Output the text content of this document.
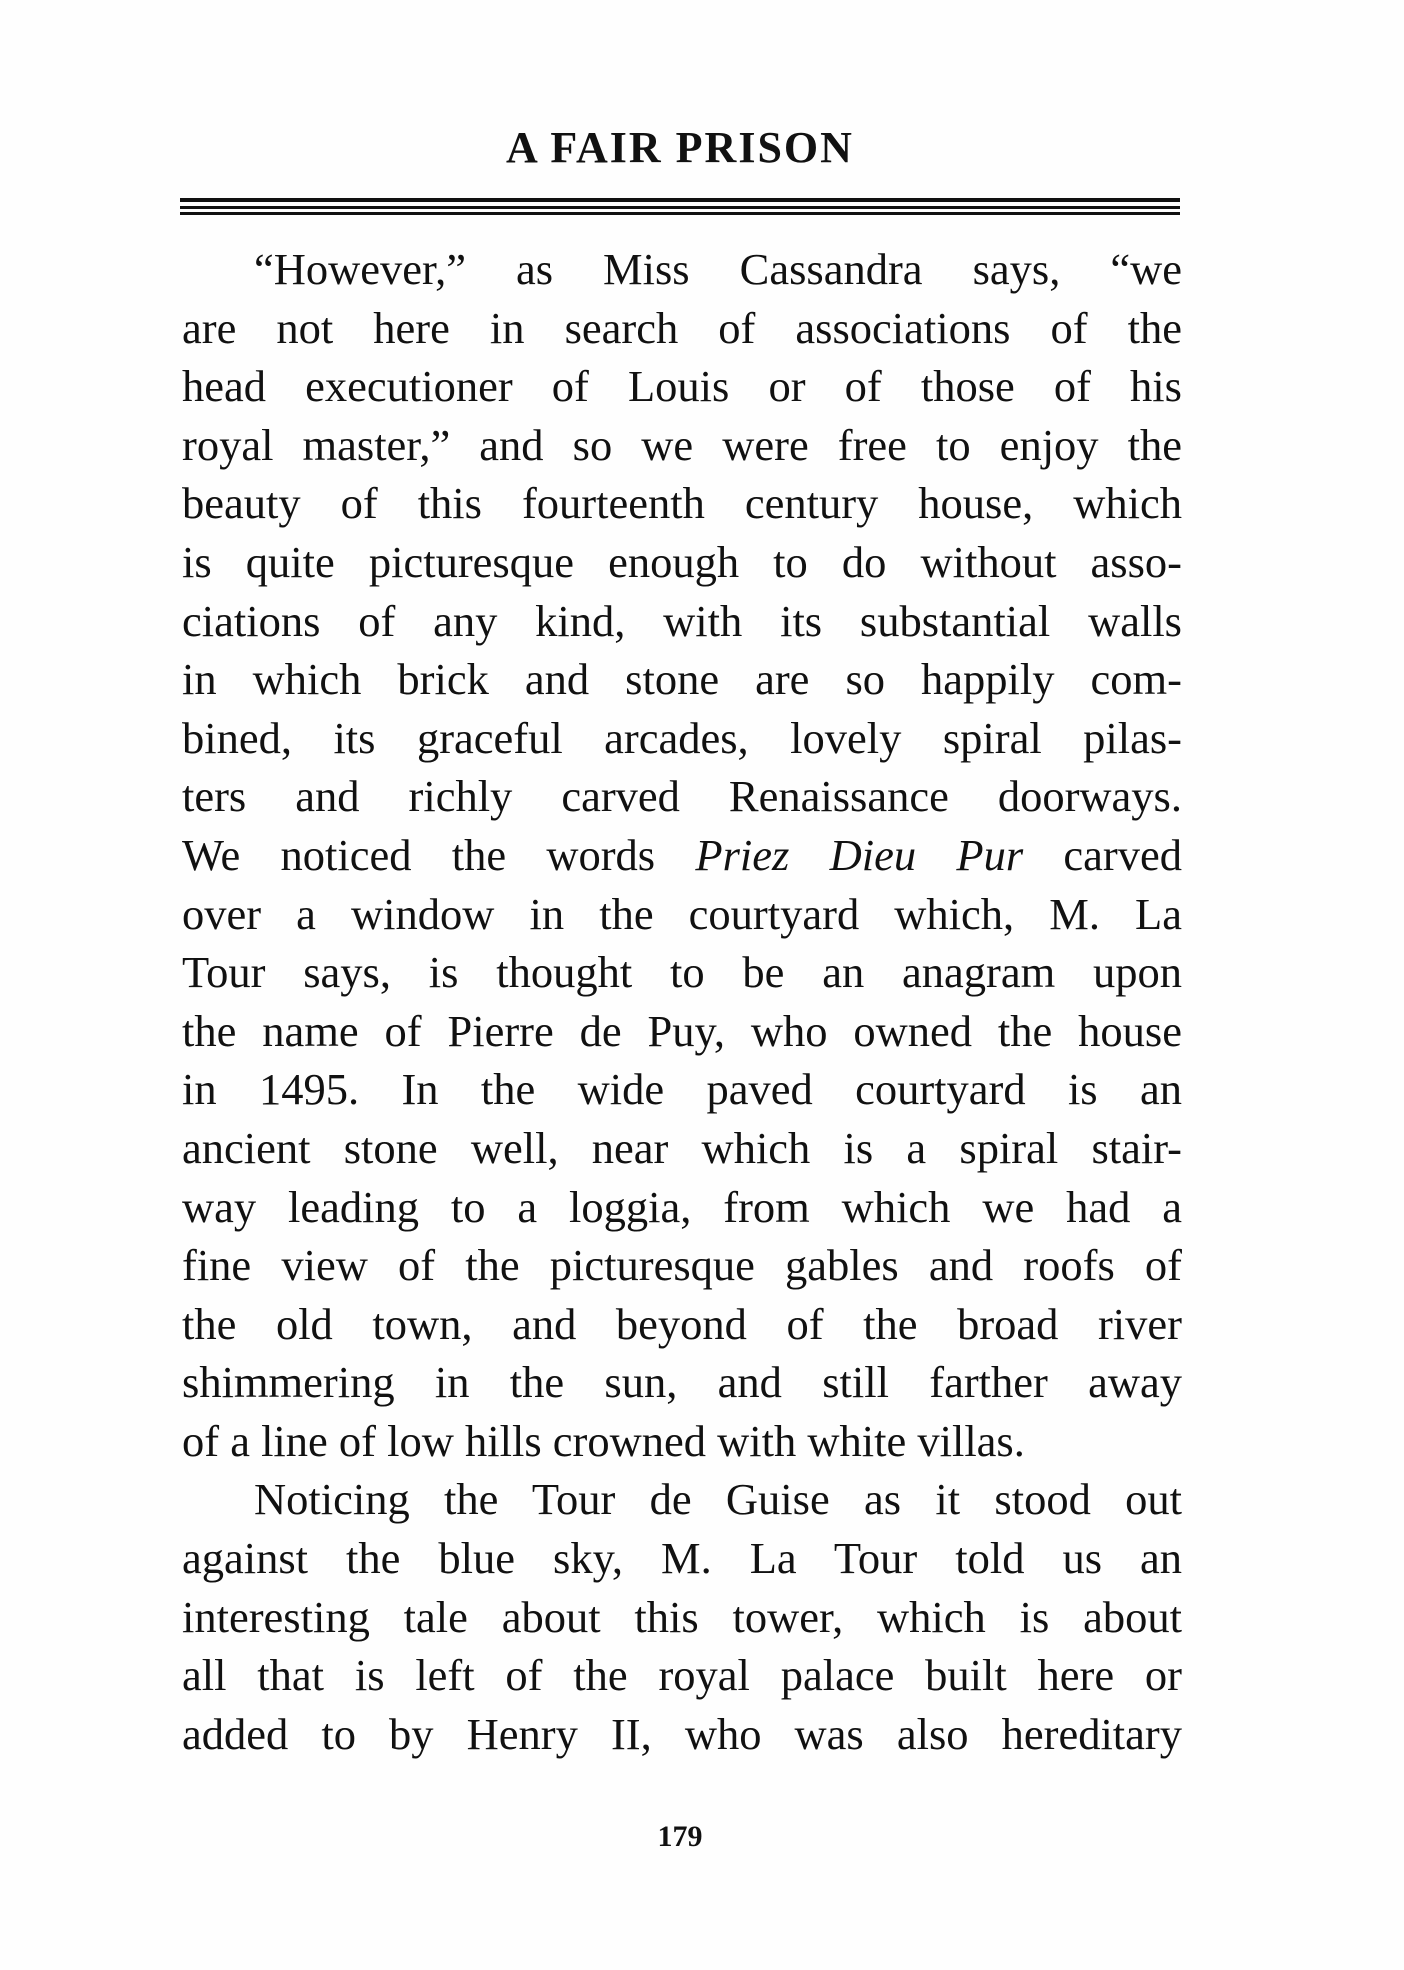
A FAIR PRISON
“However,” as Miss Cassandra says, “we
are not here in search of associations of the
head executioner of Louis or of those of his
royal master,” and so we were free to enjoy the
beauty of this fourteenth century house, which
is quite picturesque enough to do without asso-
ciations of any kind, with its substantial walls
in which brick and stone are so happily com-
bined, its graceful arcades, lovely spiral pilas-
ters and richly carved Renaissance doorways.
We noticed the words Priez Dieu Pur carved
over a window in the courtyard which, M. La
Tour says, is thought to be an anagram upon
the name of Pierre de Puy, who owned the house
in 1495. In the wide paved courtyard is an
ancient stone well, near which is a spiral stair-
way leading to a loggia, from which we had a
fine view of the picturesque gables and roofs of
the old town, and beyond of the broad river
shimmering in the sun, and still farther away
of a line of low hills crowned with white villas.
Noticing the Tour de Guise as it stood out
against the blue sky, M. La Tour told us an
interesting tale about this tower, which is about
all that is left of the royal palace built here or
added to by Henry II, who was also hereditary
179
